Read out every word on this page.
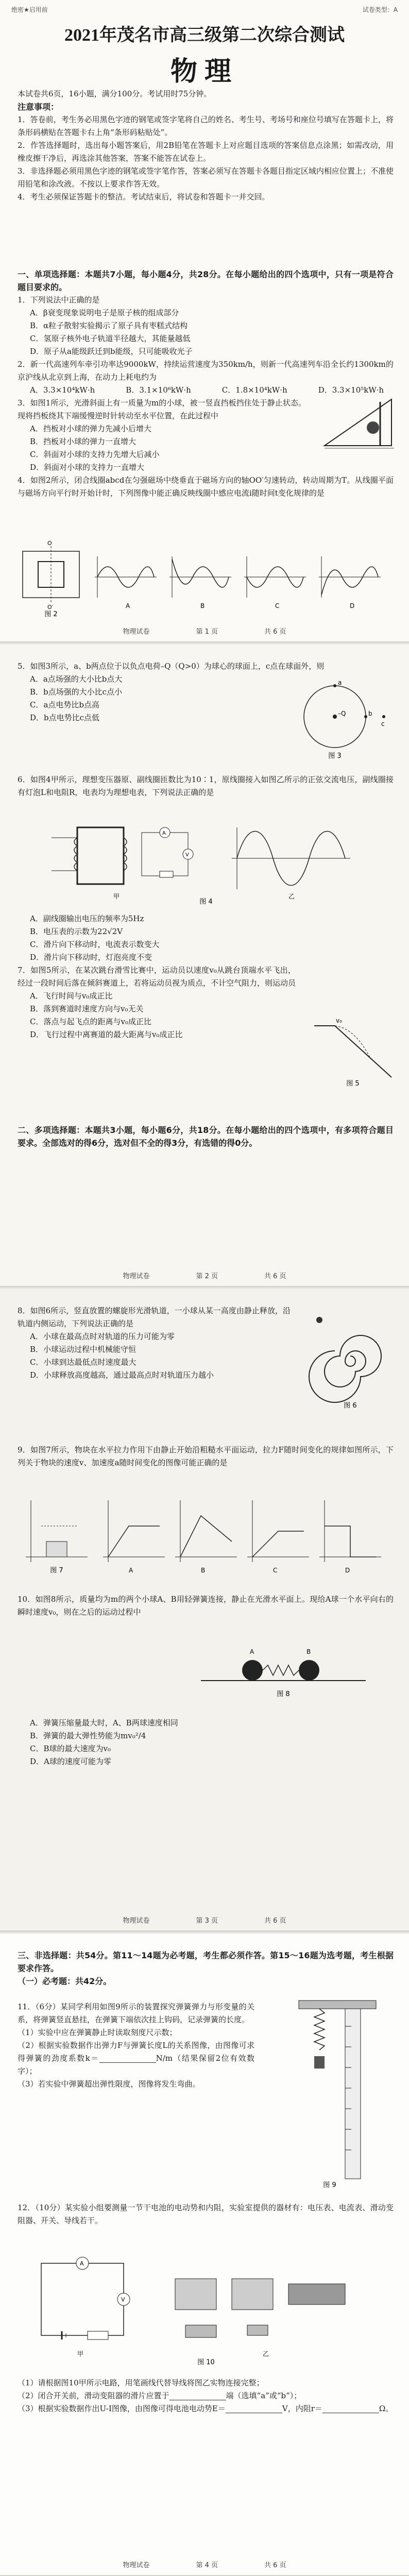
绝密★启用前	试卷类型：A
2021年茂名市高三级第二次综合测试
物理
本试卷共6页，16小题，满分100分。考试用时75分钟。
注意事项：
1．答卷前，考生务必用黑色字迹的钢笔或签字笔将自己的姓名、考生号、考场号和座位号填写在答题卡上，将条形码横贴在答题卡右上角“条形码粘贴处”。
2．作答选择题时，选出每小题答案后，用2B铅笔在答题卡上对应题目选项的答案信息点涂黑；如需改动，用橡皮擦干净后，再选涂其他答案，答案不能答在试卷上。
3．非选择题必须用黑色字迹的钢笔或签字笔作答，答案必须写在答题卡各题目指定区域内相应位置上；不准使用铅笔和涂改液。不按以上要求作答无效。
4．考生必须保证答题卡的整洁。考试结束后，将试卷和答题卡一并交回。
一、单项选择题：本题共7小题，每小题4分，共28分。在每小题给出的四个选项中，只有一项是符合题目要求的。
1．下列说法中正确的是
A．β衰变现象说明电子是原子核的组成部分
B．α粒子散射实验揭示了原子具有枣糕式结构
C．氢原子核外电子轨道半径越大，其能量越低
D．原子从a能级跃迁到b能级，只可能吸收光子
2．新一代高速列车牵引功率达9000kW，持续运营速度为350km/h，则新一代高速列车沿全长约1300km的京沪线从北京到上海，在动力上耗电约为
A．3.3×10⁴kW·h	B．3.1×10⁶kW·h	C．1.8×10⁴kW·h	D．3.3×10⁵kW·h
3．如图1所示，光滑斜面上有一质量为m的小球，被一竖直挡板挡住处于静止状态。现将挡板绕其下端缓慢逆时针转动至水平位置，在此过程中
A．挡板对小球的弹力先减小后增大
B．挡板对小球的弹力一直增大
C．斜面对小球的支持力先增大后减小
D．斜面对小球的支持力一直增大
4．如图2所示，闭合线圈abcd在匀强磁场中绕垂直于磁场方向的轴OO′匀速转动，转动周期为T。从线圈平面与磁场方向平行时开始计时，下列图像中能正确反映线圈中感应电流i随时间t变化规律的是
O
O′	A	B	C	D
图 2
物理试卷	第 1 页	共 6 页
5．如图3所示，a、b两点位于以负点电荷–Q（Q>0）为球心的球面上，c点在球面外，则
A．a点场强的大小比b点大
B．b点场强的大小比c点小
C．a点电势比b点高
D．b点电势比c点低	–Q
a
b
c
图 3
6．如图4甲所示，理想变压器原、副线圈匝数比为10∶1，原线圈接入如图乙所示的正弦交流电压，副线圈接有灯泡L和电阻R，电表均为理想电表，下列说法正确的是
A
V
甲	乙
图 4
A．副线圈输出电压的频率为5Hz
B．电压表的示数为22√2V
C．滑片向下移动时，电流表示数变大
D．滑片向下移动时，灯泡亮度不变
7．如图5所示，在某次跳台滑雪比赛中，运动员以速度v₀从跳台顶端水平飞出，经过一段时间后落在倾斜赛道上，若将运动员视为质点，不计空气阻力，则运动员
A．飞行时间与v₀成正比
B．落到赛道时速度方向与v₀无关
C．落点与起飞点的距离与v₀成正比
D．飞行过程中离赛道的最大距离与v₀成正比
v₀
图 5
二、多项选择题：本题共3小题，每小题6分，共18分。在每小题给出的四个选项中，有多项符合题目要求。全部选对的得6分，选对但不全的得3分，有选错的得0分。
物理试卷	第 2 页	共 6 页
8．如图6所示，竖直放置的螺旋形光滑轨道，一小球从某一高度由静止释放，沿轨道内侧运动，下列说法正确的是
A．小球在最高点时对轨道的压力可能为零
B．小球运动过程中机械能守恒
C．小球到达最低点时速度最大
D．小球释放高度越高，通过最高点时对轨道压力越小
图 6
9．如图7所示，物块在水平拉力作用下由静止开始沿粗糙水平面运动，拉力F随时间变化的规律如图所示，下列关于物块的速度v、加速度a随时间变化的图像可能正确的是
A	B	C	D
图 7
10．如图8所示，质量均为m的两个小球A、B用轻弹簧连接，静止在光滑水平面上。现给A球一个水平向右的瞬时速度v₀，则在之后的运动过程中
A	B
图 8
A．弹簧压缩量最大时，A、B两球速度相同
B．弹簧的最大弹性势能为mv₀²/4
C．B球的最大速度为v₀
D．A球的速度可能为零
物理试卷	第 3 页	共 6 页
三、非选择题：共54分。第11～14题为必考题，考生都必须作答。第15～16题为选考题，考生根据要求作答。
（一）必考题：共42分。
11．（6分）某同学利用如图9所示的装置探究弹簧弹力与形变量的关系，将弹簧竖直悬挂，在弹簧下端依次挂上钩码，记录弹簧的长度。
（1）实验中应在弹簧静止时读取刻度尺示数；
（2）根据实验数据作出弹力F与弹簧长度L的关系图像，由图像可求得弹簧的劲度系数k＝	N/m（结果保留2位有效数字）；
（3）若实验中弹簧超出弹性限度，图像将发生弯曲。
图 9
12．（10分）某实验小组要测量一节干电池的电动势和内阻，实验室提供的器材有：电压表、电流表、滑动变阻器、开关、导线若干。
A
V
甲	乙
图 10
（1）请根据图10甲所示电路，用笔画线代替导线将图乙实物连接完整；
（2）闭合开关前，滑动变阻器的滑片应置于	端（选填“a”或“b”）；
（3）根据实验数据作出U-I图像，由图像可得电池电动势E＝	V，内阻r＝	Ω。
物理试卷	第 4 页	共 6 页
